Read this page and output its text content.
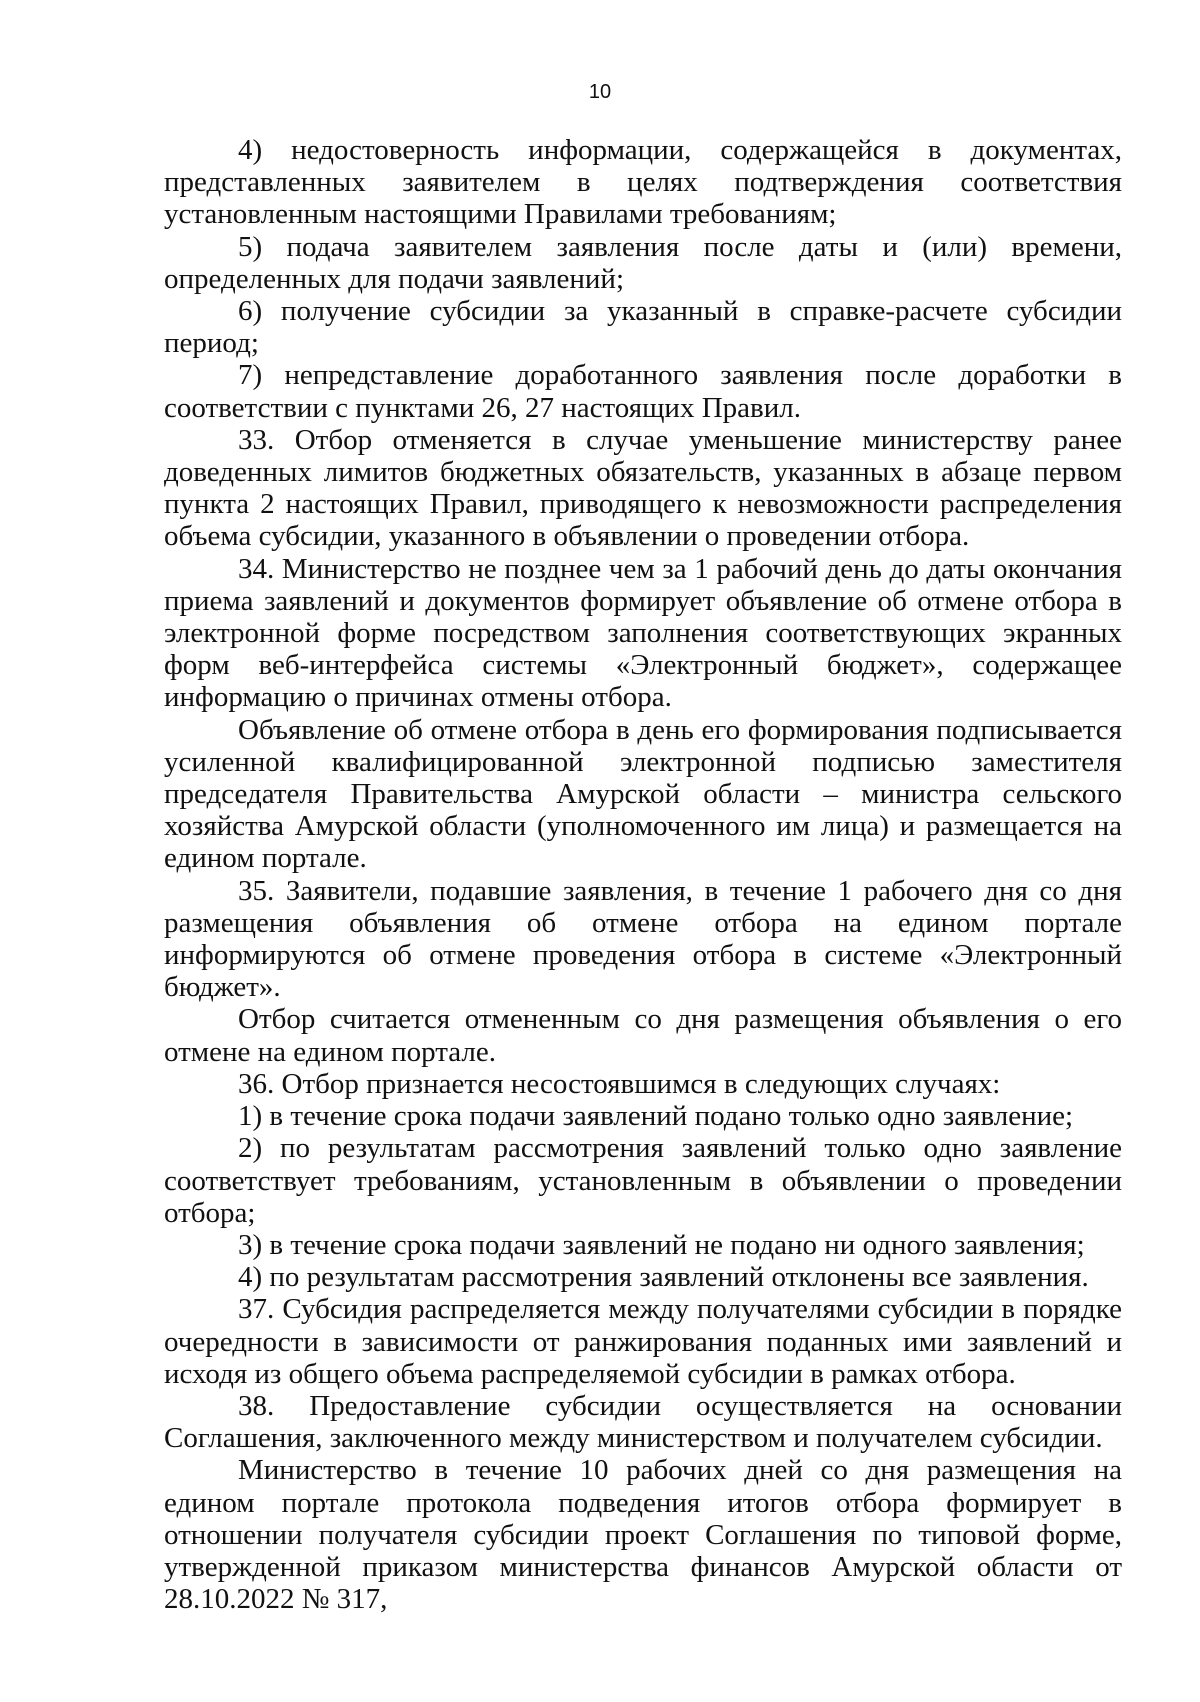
10

4) недостоверность информации, содержащейся в документах, представленных заявителем в целях подтверждения соответствия установленным настоящими Правилами требованиям;

5) подача заявителем заявления после даты и (или) времени, определенных для подачи заявлений;

6) получение субсидии за указанный в справке-расчете субсидии период;

7) непредставление доработанного заявления после доработки в соответствии с пунктами 26, 27 настоящих Правил.

33. Отбор отменяется в случае уменьшение министерству ранее доведенных лимитов бюджетных обязательств, указанных в абзаце первом пункта 2 настоящих Правил, приводящего к невозможности распределения объема субсидии, указанного в объявлении о проведении отбора.

34. Министерство не позднее чем за 1 рабочий день до даты окончания приема заявлений и документов формирует объявление об отмене отбора в электронной форме посредством заполнения соответствующих экранных форм веб-интерфейса системы «Электронный бюджет», содержащее информацию о причинах отмены отбора.

Объявление об отмене отбора в день его формирования подписывается усиленной квалифицированной электронной подписью заместителя председателя Правительства Амурской области – министра сельского хозяйства Амурской области (уполномоченного им лица) и размещается на едином портале.

35. Заявители, подавшие заявления, в течение 1 рабочего дня со дня размещения объявления об отмене отбора на едином портале информируются об отмене проведения отбора в системе «Электронный бюджет».

Отбор считается отмененным со дня размещения объявления о его отмене на едином портале.

36. Отбор признается несостоявшимся в следующих случаях:

1) в течение срока подачи заявлений подано только одно заявление;

2) по результатам рассмотрения заявлений только одно заявление соответствует требованиям, установленным в объявлении о проведении отбора;

3) в течение срока подачи заявлений не подано ни одного заявления;

4) по результатам рассмотрения заявлений отклонены все заявления.

37. Субсидия распределяется между получателями субсидии в порядке очередности в зависимости от ранжирования поданных ими заявлений и исходя из общего объема распределяемой субсидии в рамках отбора.

38. Предоставление субсидии осуществляется на основании Соглашения, заключенного между министерством и получателем субсидии.

Министерство в течение 10 рабочих дней со дня размещения на едином портале протокола подведения итогов отбора формирует в отношении получателя субсидии проект Соглашения по типовой форме, утвержденной приказом министерства финансов Амурской области от 28.10.2022 № 317,
